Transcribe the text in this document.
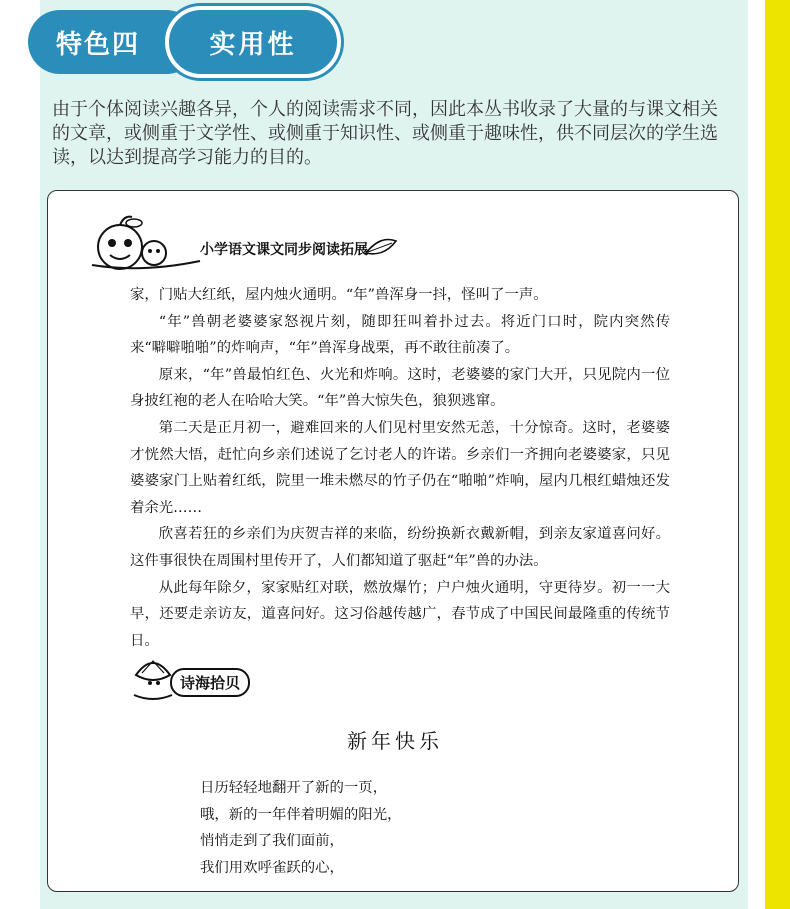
特色四	实用性

由于个体阅读兴趣各异，个人的阅读需求不同，因此本丛书收录了大量的与课文相关的文章，或侧重于文学性、或侧重于知识性、或侧重于趣味性，供不同层次的学生选读，以达到提高学习能力的目的。

小学语文课文同步阅读拓展

家，门贴大红纸，屋内烛火通明。“年”兽浑身一抖，怪叫了一声。

“年”兽朝老婆婆家怒视片刻，随即狂叫着扑过去。将近门口时，院内突然传来“噼噼啪啪”的炸响声，“年”兽浑身战栗，再不敢往前凑了。

原来，“年”兽最怕红色、火光和炸响。这时，老婆婆的家门大开，只见院内一位身披红袍的老人在哈哈大笑。“年”兽大惊失色，狼狈逃窜。

第二天是正月初一，避难回来的人们见村里安然无恙，十分惊奇。这时，老婆婆才恍然大悟，赶忙向乡亲们述说了乞讨老人的许诺。乡亲们一齐拥向老婆婆家，只见婆婆家门上贴着红纸，院里一堆未燃尽的竹子仍在“啪啪”炸响，屋内几根红蜡烛还发着余光……

欣喜若狂的乡亲们为庆贺吉祥的来临，纷纷换新衣戴新帽，到亲友家道喜问好。这件事很快在周围村里传开了，人们都知道了驱赶“年”兽的办法。

从此每年除夕，家家贴红对联，燃放爆竹；户户烛火通明，守更待岁。初一一大早，还要走亲访友，道喜问好。这习俗越传越广，春节成了中国民间最隆重的传统节日。

诗海拾贝
新年快乐
日历轻轻地翻开了新的一页，
哦，新的一年伴着明媚的阳光，
悄悄走到了我们面前，
我们用欢呼雀跃的心，
